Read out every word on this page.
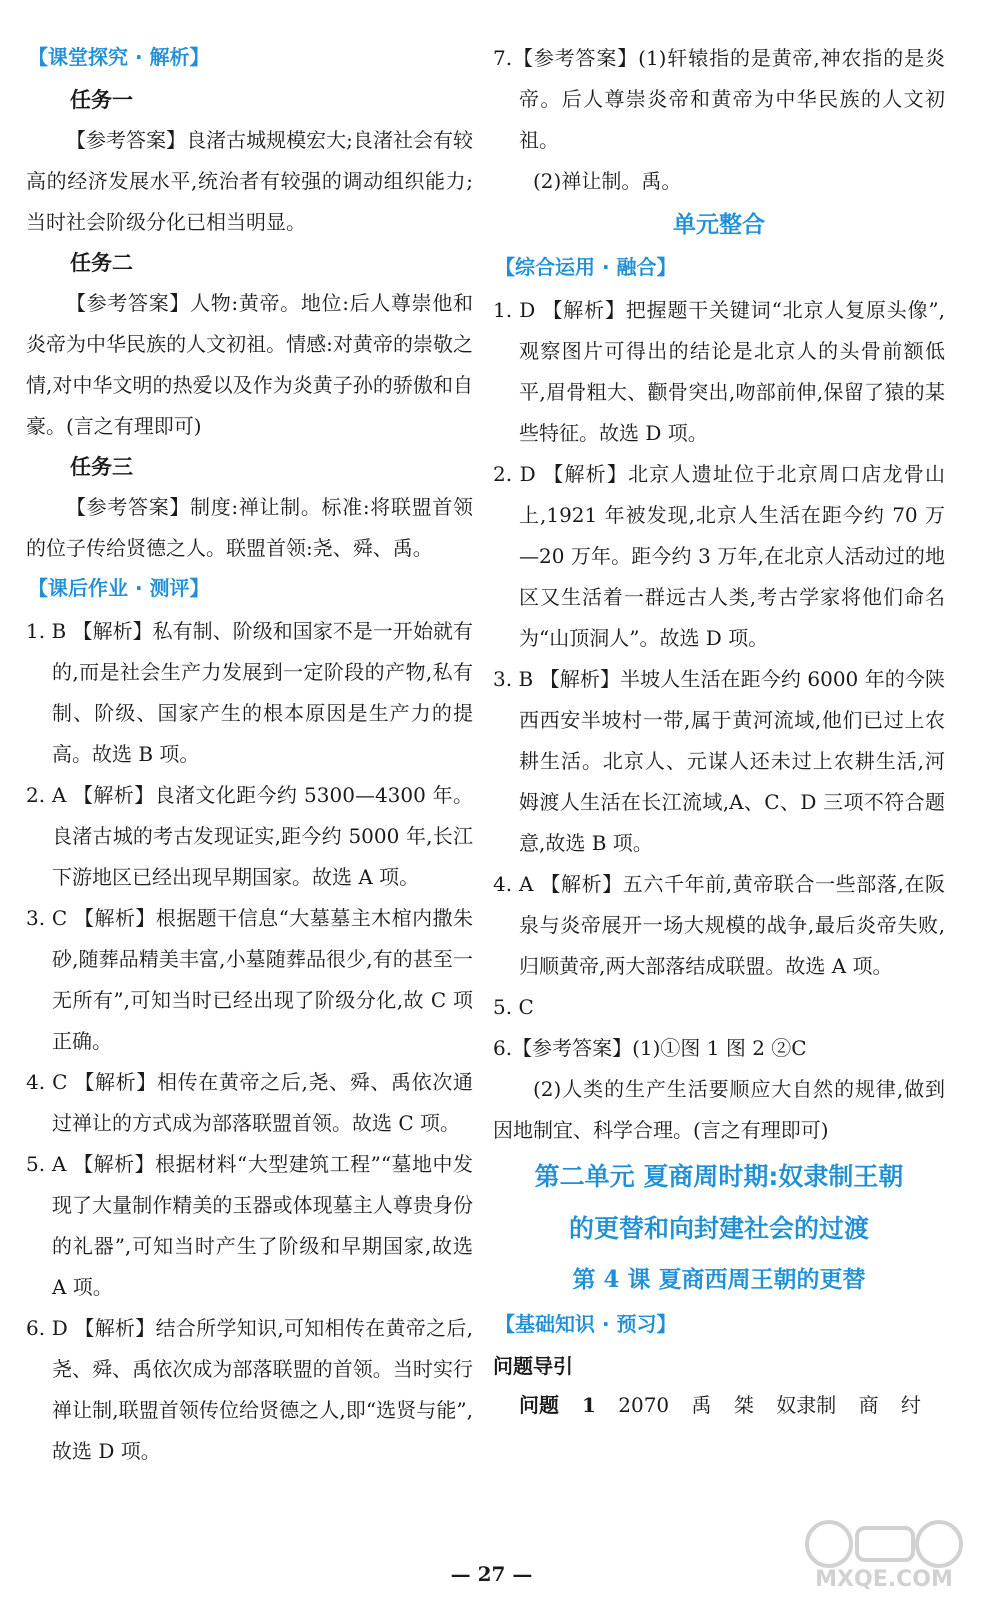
【课堂探究 · 解析】
任务一

【参考答案】良渚古城规模宏大;良渚社会有较高的经济发展水平,统治者有较强的调动组织能力;当时社会阶级分化已相当明显。

任务二

【参考答案】人物:黄帝。地位:后人尊崇他和炎帝为中华民族的人文初祖。情感:对黄帝的崇敬之情,对中华文明的热爱以及作为炎黄子孙的骄傲和自豪。(言之有理即可)

任务三

【参考答案】制度:禅让制。标准:将联盟首领的位子传给贤德之人。联盟首领:尧、舜、禹。

【课后作业 · 测评】

1. B 【解析】私有制、阶级和国家不是一开始就有的,而是社会生产力发展到一定阶段的产物,私有制、阶级、国家产生的根本原因是生产力的提高。故选 B 项。

2. A 【解析】良渚文化距今约 5300—4300 年。良渚古城的考古发现证实,距今约 5000 年,长江下游地区已经出现早期国家。故选 A 项。

3. C 【解析】根据题干信息“大墓墓主木棺内撒朱砂,随葬品精美丰富,小墓随葬品很少,有的甚至一无所有”,可知当时已经出现了阶级分化,故 C 项正确。

4. C 【解析】相传在黄帝之后,尧、舜、禹依次通过禅让的方式成为部落联盟首领。故选 C 项。

5. A 【解析】根据材料“大型建筑工程”“墓地中发现了大量制作精美的玉器或体现墓主人尊贵身份的礼器”,可知当时产生了阶级和早期国家,故选 A 项。

6. D 【解析】结合所学知识,可知相传在黄帝之后,尧、舜、禹依次成为部落联盟的首领。当时实行禅让制,联盟首领传位给贤德之人,即“选贤与能”,故选 D 项。

7.【参考答案】(1)轩辕指的是黄帝,神农指的是炎帝。后人尊崇炎帝和黄帝为中华民族的人文初祖。

(2)禅让制。禹。

单元整合
【综合运用 · 融合】

1. D 【解析】把握题干关键词“北京人复原头像”,观察图片可得出的结论是北京人的头骨前额低平,眉骨粗大、颧骨突出,吻部前伸,保留了猿的某些特征。故选 D 项。

2. D 【解析】北京人遗址位于北京周口店龙骨山上,1921 年被发现,北京人生活在距今约 70 万—20 万年。距今约 3 万年,在北京人活动过的地区又生活着一群远古人类,考古学家将他们命名为“山顶洞人”。故选 D 项。

3. B 【解析】半坡人生活在距今约 6000 年的今陕西西安半坡村一带,属于黄河流域,他们已过上农耕生活。北京人、元谋人还未过上农耕生活,河姆渡人生活在长江流域,A、C、D 三项不符合题意,故选 B 项。

4. A 【解析】五六千年前,黄帝联合一些部落,在阪泉与炎帝展开一场大规模的战争,最后炎帝失败,归顺黄帝,两大部落结成联盟。故选 A 项。

5. C

6.【参考答案】(1)①图 1 图 2 ②C

(2)人类的生产生活要顺应大自然的规律,做到因地制宜、科学合理。(言之有理即可)

第二单元 夏商周时期:奴隶制王朝
的更替和向封建社会的过渡
第 4 课 夏商西周王朝的更替
【基础知识 · 预习】
问题导引
问题 1 2070 禹 桀 奴隶制 商 纣
— 27 —	MXQE.COM
